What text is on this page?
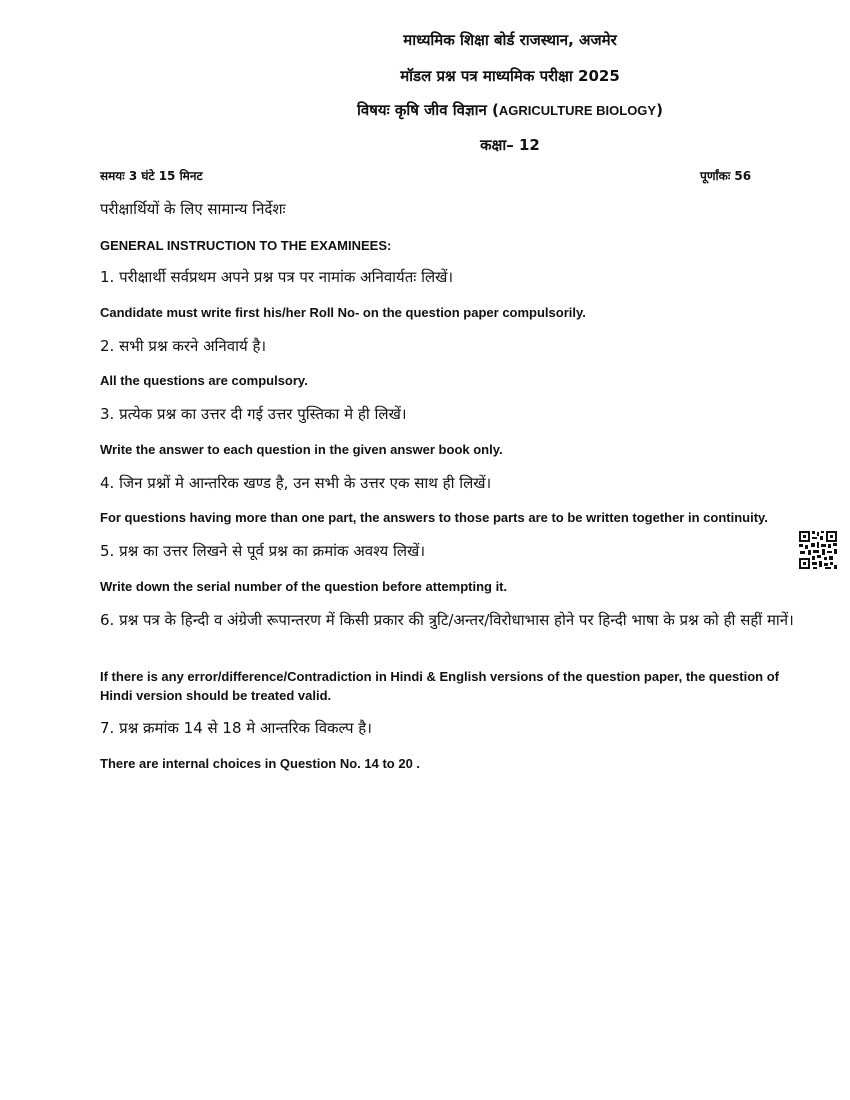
माध्यमिक शिक्षा बोर्ड राजस्थान, अजमेर
मॉडल प्रश्न पत्र माध्यमिक परीक्षा 2025
विषयः कृषि जीव विज्ञान (AGRICULTURE BIOLOGY)
कक्षा– 12
समयः 3 घंटे 15 मिनट	पूर्णांकः 56
परीक्षार्थियों के लिए सामान्य निर्देशः
GENERAL INSTRUCTION TO THE EXAMINEES:
1. परीक्षार्थी सर्वप्रथम अपने प्रश्न पत्र पर नामांक अनिवार्यतः लिखें।
Candidate must write first his/her Roll No- on the question paper compulsorily.
2. सभी प्रश्न करने अनिवार्य है।
All the questions are compulsory.
3. प्रत्येक प्रश्न का उत्तर दी गई उत्तर पुस्तिका मे ही लिखें।
Write the answer to each question in the given answer book only.
4. जिन प्रश्नों मे आन्तरिक खण्ड है, उन सभी के उत्तर एक साथ ही लिखें।
For questions having more than one part, the answers to those parts are to be written together in continuity.
5. प्रश्न का उत्तर लिखने से पूर्व प्रश्न का क्रमांक अवश्य लिखें।
Write down the serial number of the question before attempting it.
6. प्रश्न पत्र के हिन्दी व अंग्रेजी रूपान्तरण में किसी प्रकार की त्रुटि/अन्तर/विरोधाभास होने पर हिन्दी भाषा के प्रश्न को ही सहीं मानें।
If there is any error/difference/Contradiction in Hindi & English versions of the question paper, the question of Hindi version should be treated valid.
7. प्रश्न क्रमांक 14 से 18 मे आन्तरिक विकल्प है।
There are internal choices in Question No. 14 to 20 .
